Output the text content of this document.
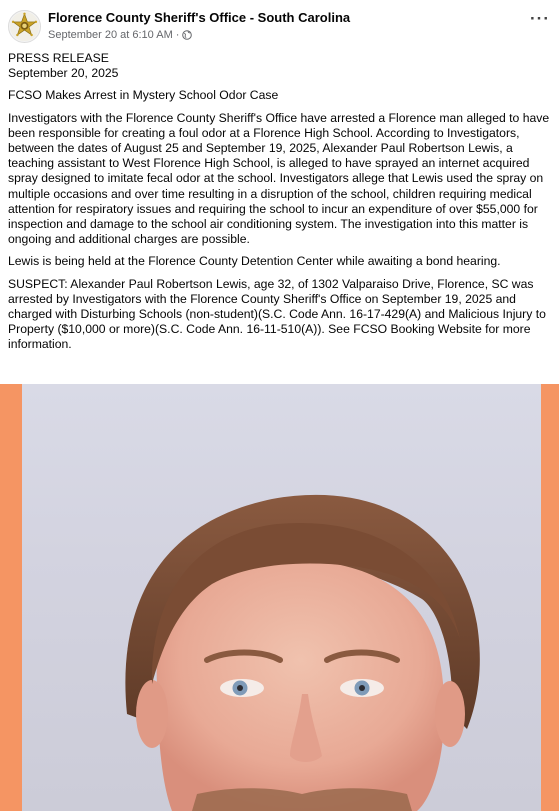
Florence County Sheriff's Office - South Carolina
September 20 at 6:10 AM ·
···

PRESS RELEASE

September 20, 2025

FCSO Makes Arrest in Mystery School Odor Case

Investigators with the Florence County Sheriff's Office have arrested a Florence man alleged to have been responsible for creating a foul odor at a Florence High School. According to Investigators, between the dates of August 25 and September 19, 2025, Alexander Paul Robertson Lewis, a teaching assistant to West Florence High School, is alleged to have sprayed an internet acquired spray designed to imitate fecal odor at the school. Investigators allege that Lewis used the spray on multiple occasions and over time resulting in a disruption of the school, children requiring medical attention for respiratory issues and requiring the school to incur an expenditure of over $55,000 for inspection and damage to the school air conditioning system. The investigation into this matter is ongoing and additional charges are possible.

Lewis is being held at the Florence County Detention Center while awaiting a bond hearing.

SUSPECT: Alexander Paul Robertson Lewis, age 32, of 1302 Valparaiso Drive, Florence, SC was arrested by Investigators with the Florence County Sheriff's Office on September 19, 2025 and charged with Disturbing Schools (non-student)(S.C. Code Ann. 16-17-429(A) and Malicious Injury to Property ($10,000 or more)(S.C. Code Ann. 16-11-510(A)). See FCSO Booking Website for more information.
